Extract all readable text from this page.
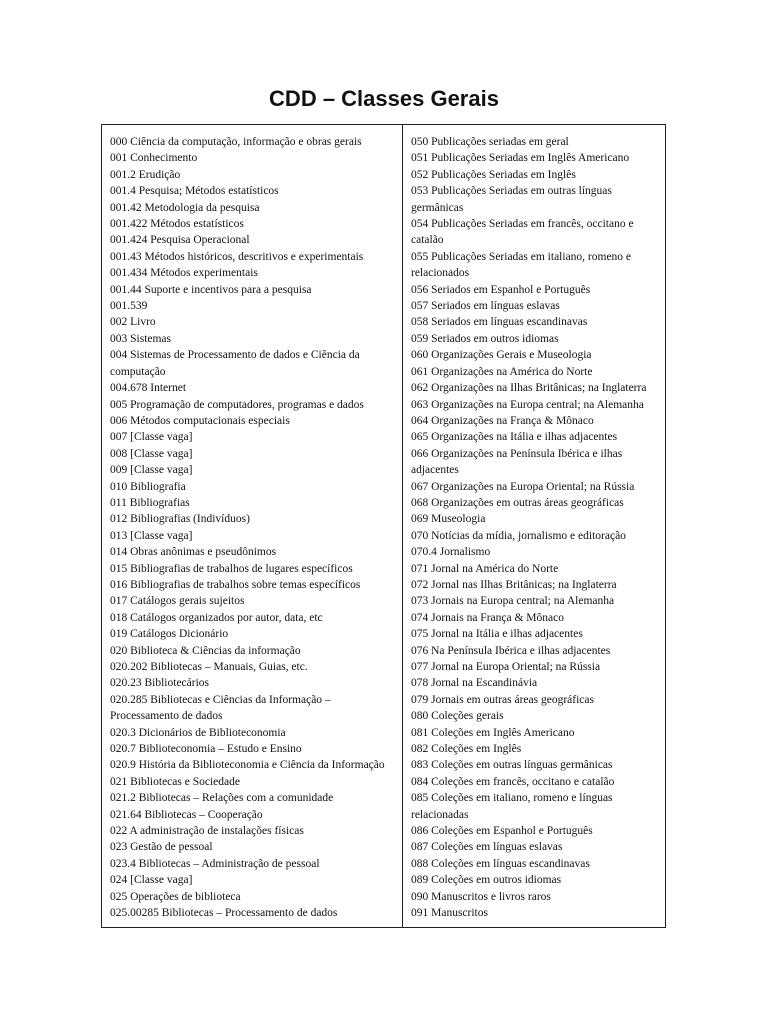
CDD – Classes Gerais

000 Ciência da computação, informação e obras gerais

001 Conhecimento

001.2 Erudição

001.4 Pesquisa; Métodos estatísticos

001.42 Metodologia da pesquisa

001.422 Métodos estatísticos

001.424 Pesquisa Operacional

001.43 Métodos históricos, descritivos e experimentais

001.434 Métodos experimentais

001.44 Suporte e incentivos para a pesquisa

001.539

002 Livro

003 Sistemas

004 Sistemas de Processamento de dados e Ciência da computação

004.678 Internet

005 Programação de computadores, programas e dados

006 Métodos computacionais especiais

007 [Classe vaga]

008 [Classe vaga]

009 [Classe vaga]

010 Bibliografia

011 Bibliografias

012 Bibliografias (Indivíduos)

013 [Classe vaga]

014 Obras anônimas e pseudônimos

015 Bibliografias de trabalhos de lugares específicos

016 Bibliografias de trabalhos sobre temas específicos

017 Catálogos gerais sujeitos

018 Catálogos organizados por autor, data, etc

019 Catálogos Dicionário

020 Biblioteca & Ciências da informação

020.202 Bibliotecas – Manuais, Guias, etc.

020.23 Bibliotecários

020.285 Bibliotecas e Ciências da Informação – Processamento de dados

020.3 Dicionários de Biblioteconomia

020.7 Biblioteconomia – Estudo e Ensino

020.9 História da Biblioteconomia e Ciência da Informação

021 Bibliotecas e Sociedade

021.2 Bibliotecas – Relações com a comunidade

021.64 Bibliotecas – Cooperação

022 A administração de instalações físicas

023 Gestão de pessoal

023.4 Bibliotecas – Administração de pessoal

024 [Classe vaga]

025 Operações de biblioteca

025.00285 Bibliotecas – Processamento de dados

050 Publicações seriadas em geral

051 Publicações Seriadas em Inglês Americano

052 Publicações Seriadas em Inglês

053 Publicações Seriadas em outras línguas germânicas

054 Publicações Seriadas em francês, occitano e catalão

055 Publicações Seriadas em italiano, romeno e relacionados

056 Seriados em Espanhol e Português

057 Seriados em línguas eslavas

058 Seriados em línguas escandinavas

059 Seriados em outros idiomas

060 Organizações Gerais e Museologia

061 Organizações na América do Norte

062 Organizações na Ilhas Britânicas; na Inglaterra

063 Organizações na Europa central; na Alemanha

064 Organizações na França & Mônaco

065 Organizações na Itália e ilhas adjacentes

066 Organizações na Península Ibérica e ilhas adjacentes

067 Organizações na Europa Oriental; na Rússia

068 Organizações em outras áreas geográficas

069 Museologia

070 Notícias da mídia, jornalismo e editoração

070.4 Jornalismo

071 Jornal na América do Norte

072 Jornal nas Ilhas Britânicas; na Inglaterra

073 Jornais na Europa central; na Alemanha

074 Jornais na França & Mônaco

075 Jornal na Itália e ilhas adjacentes

076 Na Península Ibérica e ilhas adjacentes

077 Jornal na Europa Oriental; na Rússia

078 Jornal na Escandinávia

079 Jornais em outras áreas geográficas

080 Coleções gerais

081 Coleções em Inglês Americano

082 Coleções em Inglês

083 Coleções em outras línguas germânicas

084 Coleções em francês, occitano e catalão

085 Coleções em italiano, romeno e línguas relacionadas

086 Coleções em Espanhol e Português

087 Coleções em línguas eslavas

088 Coleções em línguas escandinavas

089 Coleções em outros idiomas

090 Manuscritos e livros raros

091 Manuscritos
